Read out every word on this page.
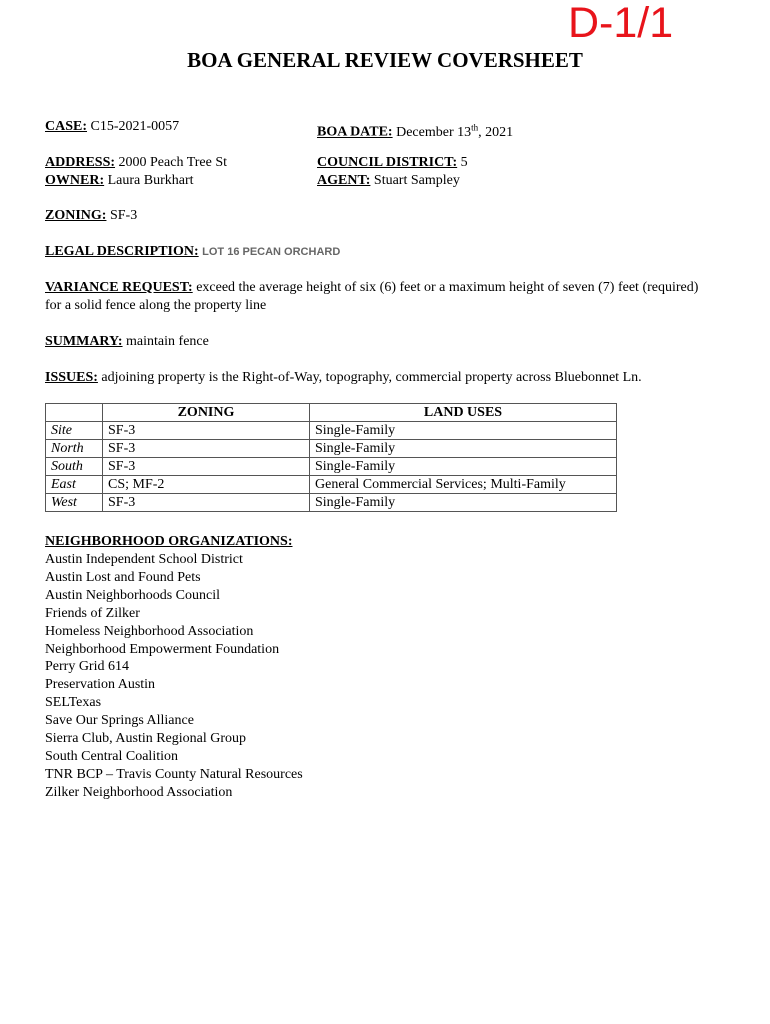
D-1/1
BOA GENERAL REVIEW COVERSHEET
CASE: C15-2021-0057	BOA DATE: December 13th, 2021
ADDRESS: 2000 Peach Tree St	COUNCIL DISTRICT: 5
OWNER: Laura Burkhart	AGENT: Stuart Sampley
ZONING: SF-3
LEGAL DESCRIPTION: LOT 16 PECAN ORCHARD
VARIANCE REQUEST: exceed the average height of six (6) feet or a maximum height of seven (7) feet (required) for a solid fence along the property line
SUMMARY: maintain fence
ISSUES: adjoining property is the Right-of-Way, topography, commercial property across Bluebonnet Ln.
	ZONING	LAND USES
Site	SF-3	Single-Family
North	SF-3	Single-Family
South	SF-3	Single-Family
East	CS; MF-2	General Commercial Services; Multi-Family
West	SF-3	Single-Family
NEIGHBORHOOD ORGANIZATIONS:
Austin Independent School District
Austin Lost and Found Pets
Austin Neighborhoods Council
Friends of Zilker
Homeless Neighborhood Association
Neighborhood Empowerment Foundation
Perry Grid 614
Preservation Austin
SELTexas
Save Our Springs Alliance
Sierra Club, Austin Regional Group
South Central Coalition
TNR BCP – Travis County Natural Resources
Zilker Neighborhood Association
